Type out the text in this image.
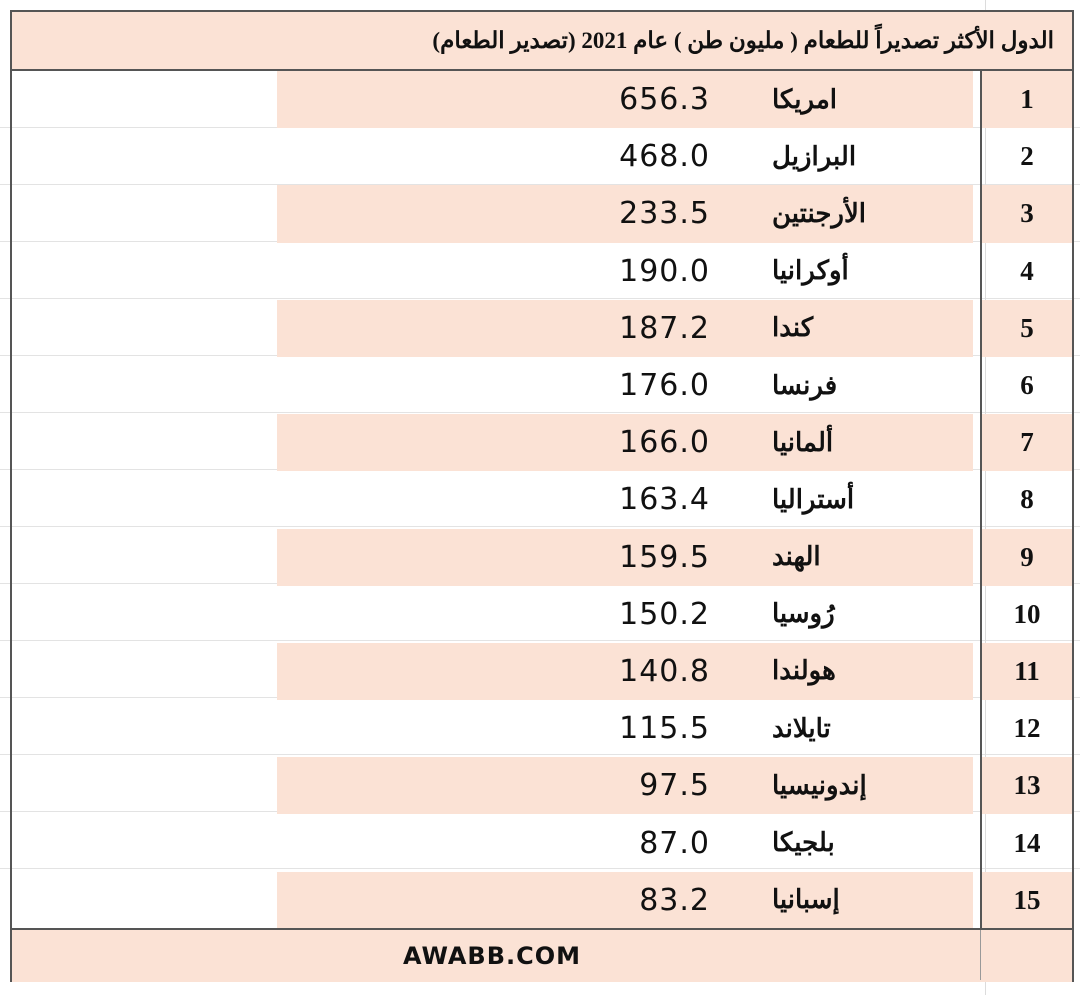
الدول الأكثر تصديراً للطعام ( مليون طن ) عام 2021 (تصدير الطعام)
656.3 امريكا	1
468.0 البرازيل	2
233.5 الأرجنتين	3
190.0 أوكرانيا	4
187.2 كندا	5
176.0 فرنسا	6
166.0 ألمانيا	7
163.4 أستراليا	8
159.5 الهند	9
150.2 رُوسيا	10
140.8 هولندا	11
115.5 تايلاند	12
97.5 إندونيسيا	13
87.0 بلجيكا	14
83.2 إسبانيا	15
AWABB.COM
